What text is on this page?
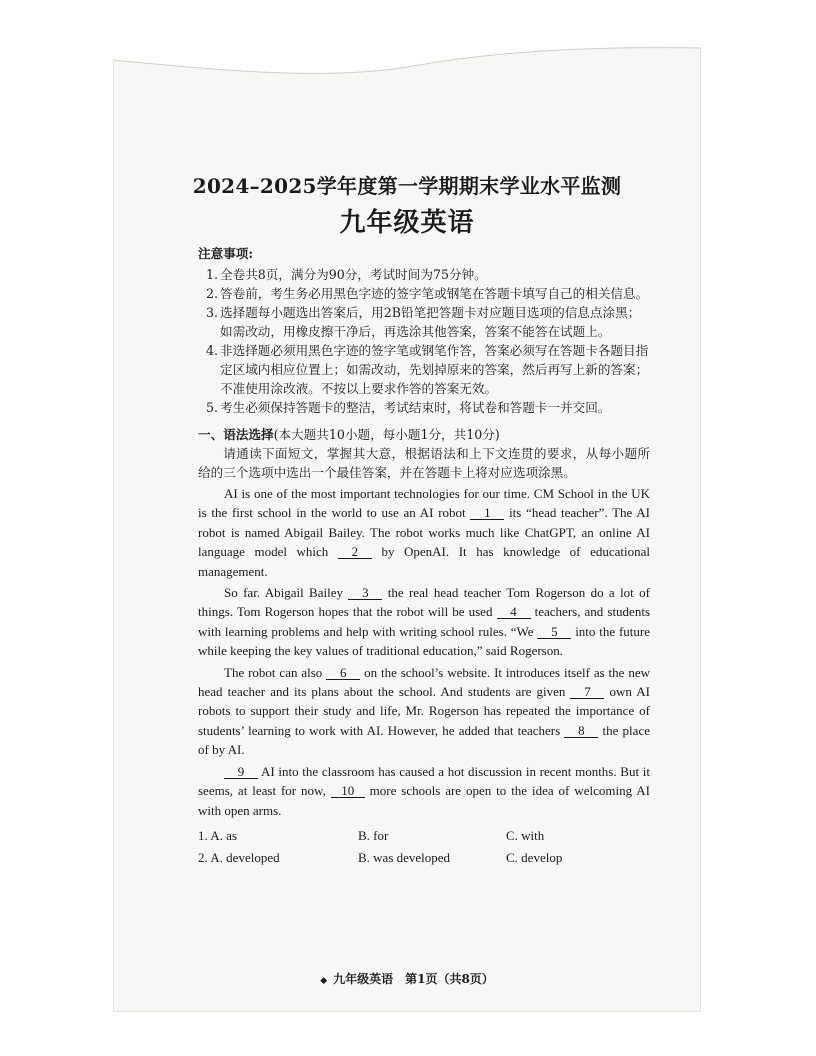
2024–2025学年度第一学期期末学业水平监测
九年级英语
注意事项:
1. 全卷共8页，满分为90分，考试时间为75分钟。
2. 答卷前，考生务必用黑色字迹的签字笔或钢笔在答题卡填写自己的相关信息。
3. 选择题每小题选出答案后，用2B铅笔把答题卡对应题目选项的信息点涂黑；如需改动，用橡皮擦干净后，再选涂其他答案，答案不能答在试题上。
4. 非选择题必须用黑色字迹的签字笔或钢笔作答，答案必须写在答题卡各题目指定区域内相应位置上；如需改动，先划掉原来的答案，然后再写上新的答案；不准使用涂改液。不按以上要求作答的答案无效。
5. 考生必须保持答题卡的整洁，考试结束时，将试卷和答题卡一并交回。
一、语法选择(本大题共10小题，每小题1分，共10分)

请通读下面短文，掌握其大意，根据语法和上下文连贯的要求，从每小题所给的三个选项中选出一个最佳答案，并在答题卡上将对应选项涂黑。

AI is one of the most important technologies for our time. CM School in the UK is the first school in the world to use an AI robot 1 its “head teacher”. The AI robot is named Abigail Bailey. The robot works much like ChatGPT, an online AI language model which 2 by OpenAI. It has knowledge of educational management.

So far. Abigail Bailey 3 the real head teacher Tom Rogerson do a lot of things. Tom Rogerson hopes that the robot will be used 4 teachers, and students with learning problems and help with writing school rules. “We 5 into the future while keeping the key values of traditional education,” said Rogerson.

The robot can also 6 on the school’s website. It introduces itself as the new head teacher and its plans about the school. And students are given 7 own AI robots to support their study and life, Mr. Rogerson has repeated the importance of students’ learning to work with AI. However, he added that teachers 8 the place of by AI.

9 AI into the classroom has caused a hot discussion in recent months. But it seems, at least for now, 10 more schools are open to the idea of welcoming AI with open arms.

1. A. as	B. for	C. with
2. A. developed	B. was developed	C. develop
◆ 九年级英语　第1页（共8页）
